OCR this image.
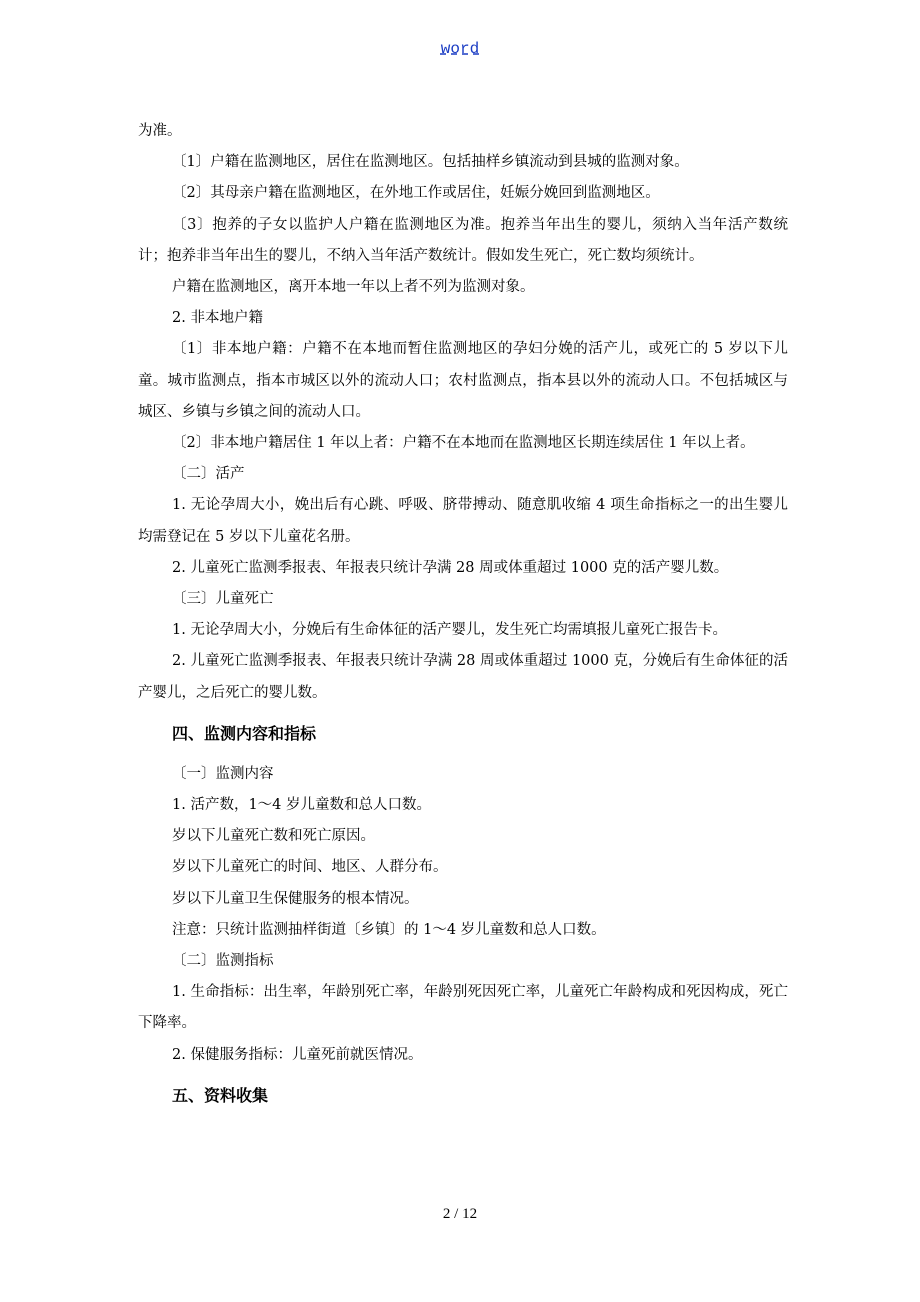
word

为准。

〔1〕户籍在监测地区，居住在监测地区。包括抽样乡镇流动到县城的监测对象。

〔2〕其母亲户籍在监测地区，在外地工作或居住，妊娠分娩回到监测地区。

〔3〕抱养的子女以监护人户籍在监测地区为准。抱养当年出生的婴儿，须纳入当年活产数统计；抱养非当年出生的婴儿，不纳入当年活产数统计。假如发生死亡，死亡数均须统计。

户籍在监测地区，离开本地一年以上者不列为监测对象。

2. 非本地户籍

〔1〕非本地户籍：户籍不在本地而暂住监测地区的孕妇分娩的活产儿，或死亡的 5 岁以下儿童。城市监测点，指本市城区以外的流动人口；农村监测点，指本县以外的流动人口。不包括城区与城区、乡镇与乡镇之间的流动人口。

〔2〕非本地户籍居住 1 年以上者：户籍不在本地而在监测地区长期连续居住 1 年以上者。

〔二〕活产

1. 无论孕周大小，娩出后有心跳、呼吸、脐带搏动、随意肌收缩 4 项生命指标之一的出生婴儿均需登记在 5 岁以下儿童花名册。

2. 儿童死亡监测季报表、年报表只统计孕满 28 周或体重超过 1000 克的活产婴儿数。

〔三〕儿童死亡

1. 无论孕周大小，分娩后有生命体征的活产婴儿，发生死亡均需填报儿童死亡报告卡。

2. 儿童死亡监测季报表、年报表只统计孕满 28 周或体重超过 1000 克，分娩后有生命体征的活产婴儿，之后死亡的婴儿数。

四、监测内容和指标

〔一〕监测内容

1. 活产数，1～4 岁儿童数和总人口数。

岁以下儿童死亡数和死亡原因。

岁以下儿童死亡的时间、地区、人群分布。

岁以下儿童卫生保健服务的根本情况。

注意：只统计监测抽样街道〔乡镇〕的 1～4 岁儿童数和总人口数。

〔二〕监测指标

1. 生命指标：出生率，年龄别死亡率，年龄别死因死亡率，儿童死亡年龄构成和死因构成，死亡下降率。

2. 保健服务指标：儿童死前就医情况。

五、资料收集
2 / 12
